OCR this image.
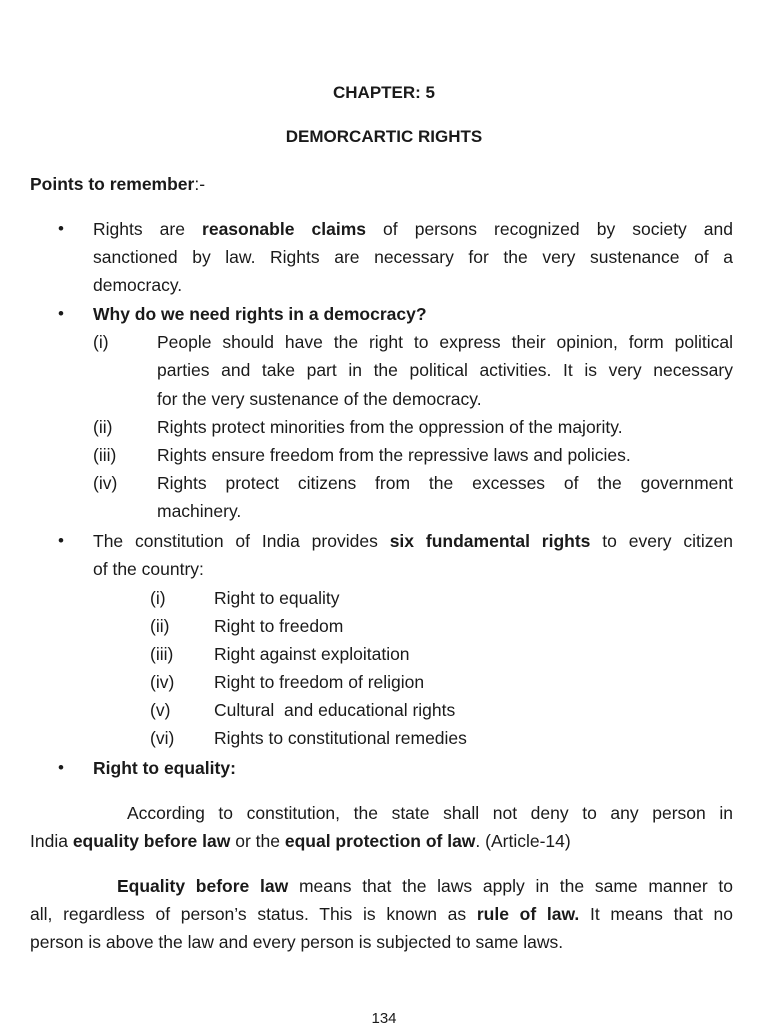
CHAPTER: 5
DEMORCARTIC RIGHTS
Points to remember:-
•
Rights are reasonable claims of persons recognized by society and
sanctioned by law. Rights are necessary for the very sustenance of a
democracy.
•
Why do we need rights in a democracy?
(i)	People should have the right to express their opinion, form political
parties and take part in the political activities. It is very necessary
for the very sustenance of the democracy.
(ii)	Rights protect minorities from the oppression of the majority.
(iii) Rights ensure freedom from the repressive laws and policies.
(iv) Rights protect citizens from the excesses of the government
machinery.
•
The constitution of India provides six fundamental rights to every citizen
of the country:
(i)	Right to equality
(ii)	Right to freedom
(iii) Right against exploitation
(iv) Right to freedom of religion
(v) Cultural  and educational rights
(vi) Rights to constitutional remedies
•
Right to equality:
According to constitution, the state shall not deny to any person in
India equality before law or the equal protection of law. (Article-14)
Equality before law means that the laws apply in the same manner to
all, regardless of person’s status. This is known as rule of law. It means that no
person is above the law and every person is subjected to same laws.
134
